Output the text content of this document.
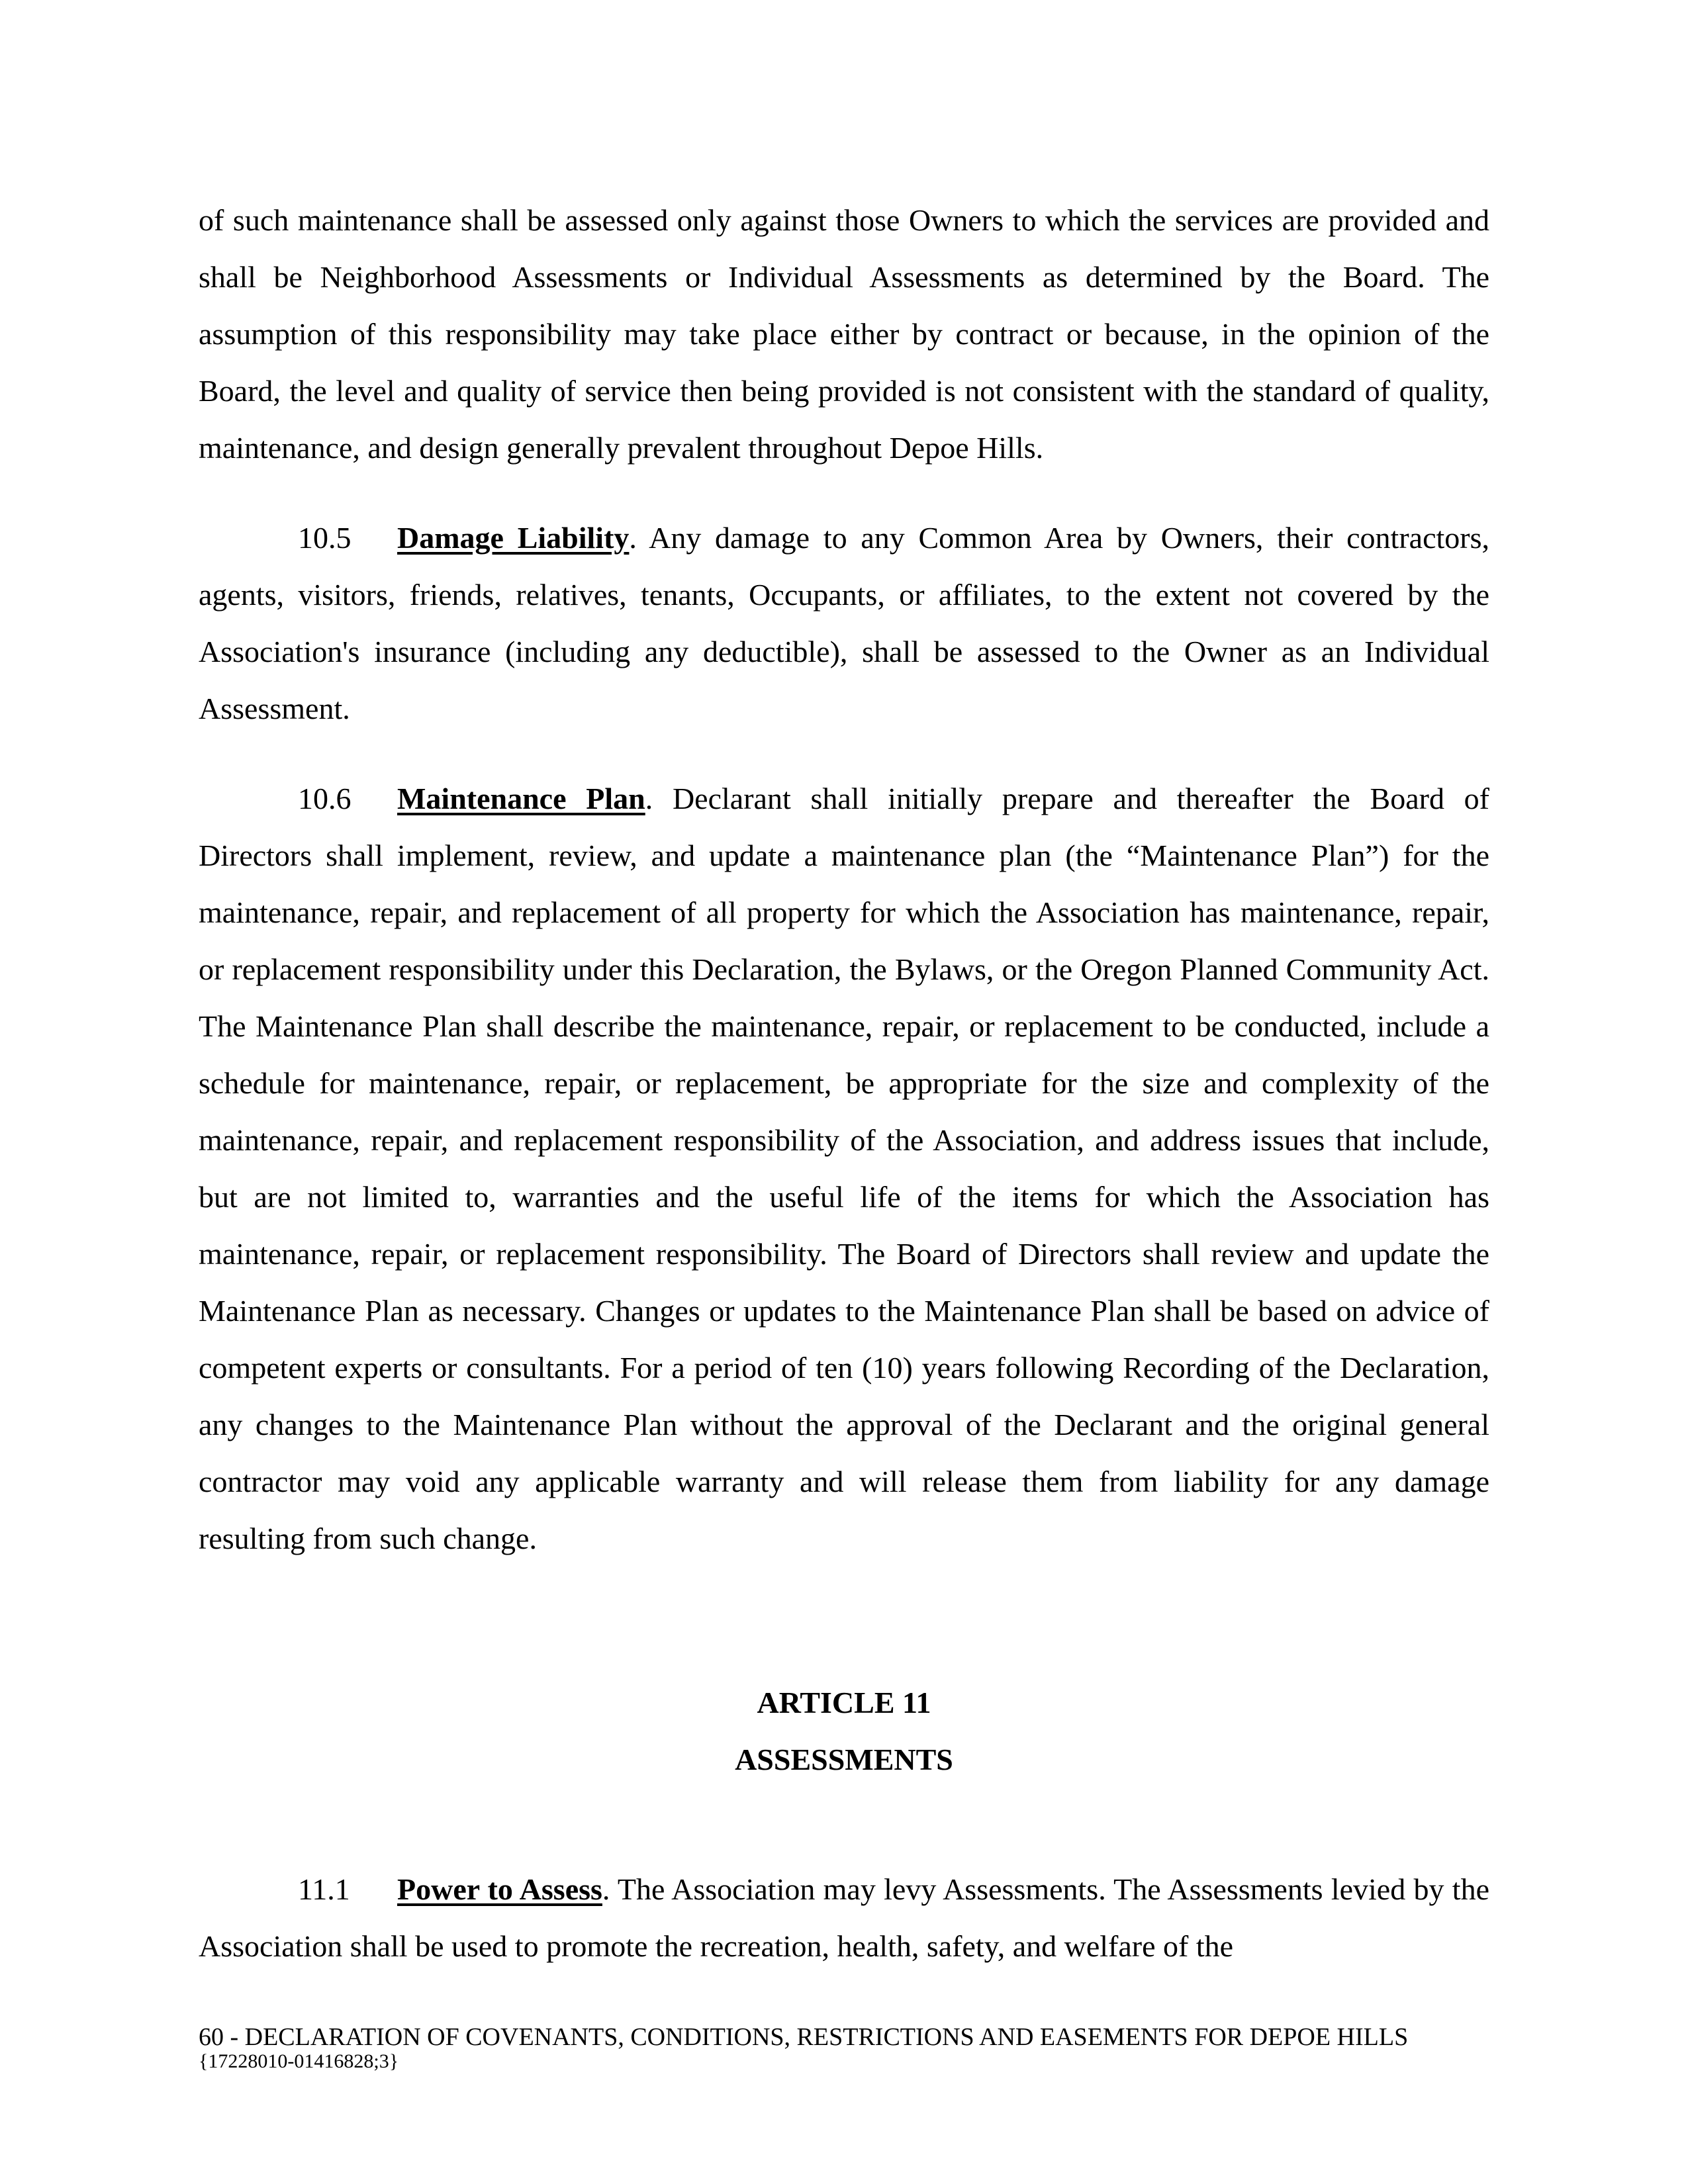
of such maintenance shall be assessed only against those Owners to which the services are provided and shall be Neighborhood Assessments or Individual Assessments as determined by the Board. The assumption of this responsibility may take place either by contract or because, in the opinion of the Board, the level and quality of service then being provided is not consistent with the standard of quality, maintenance, and design generally prevalent throughout Depoe Hills.

10.5 Damage Liability. Any damage to any Common Area by Owners, their contractors, agents, visitors, friends, relatives, tenants, Occupants, or affiliates, to the extent not covered by the Association's insurance (including any deductible), shall be assessed to the Owner as an Individual Assessment.

10.6 Maintenance Plan. Declarant shall initially prepare and thereafter the Board of Directors shall implement, review, and update a maintenance plan (the “Maintenance Plan”) for the maintenance, repair, and replacement of all property for which the Association has maintenance, repair, or replacement responsibility under this Declaration, the Bylaws, or the Oregon Planned Community Act. The Maintenance Plan shall describe the maintenance, repair, or replacement to be conducted, include a schedule for maintenance, repair, or replacement, be appropriate for the size and complexity of the maintenance, repair, and replacement responsibility of the Association, and address issues that include, but are not limited to, warranties and the useful life of the items for which the Association has maintenance, repair, or replacement responsibility. The Board of Directors shall review and update the Maintenance Plan as necessary. Changes or updates to the Maintenance Plan shall be based on advice of competent experts or consultants. For a period of ten (10) years following Recording of the Declaration, any changes to the Maintenance Plan without the approval of the Declarant and the original general contractor may void any applicable warranty and will release them from liability for any damage resulting from such change.

ARTICLE 11
ASSESSMENTS

11.1 Power to Assess. The Association may levy Assessments. The Assessments levied by the Association shall be used to promote the recreation, health, safety, and welfare of the

60 - DECLARATION OF COVENANTS, CONDITIONS, RESTRICTIONS AND EASEMENTS FOR DEPOE HILLS
{17228010-01416828;3}
